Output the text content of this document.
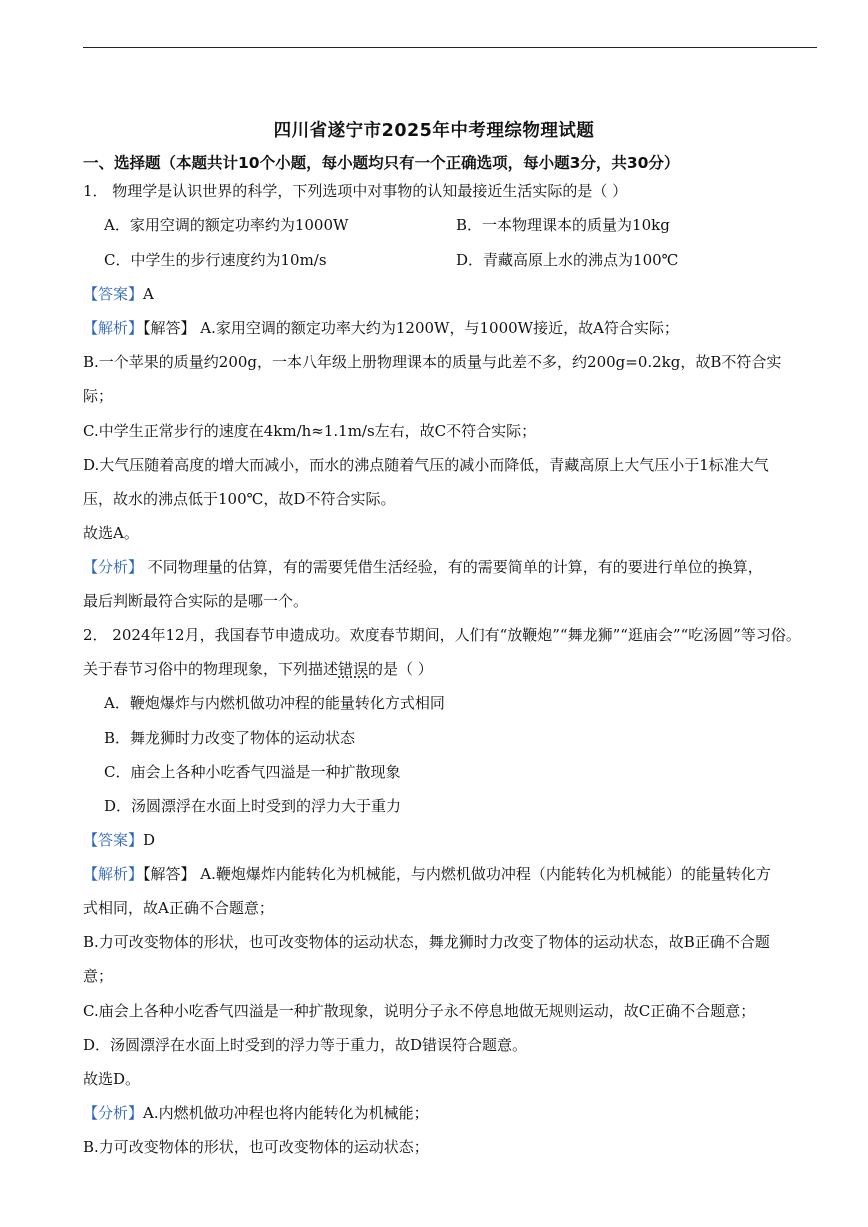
四川省遂宁市2025年中考理综物理试题
一、选择题（本题共计10个小题，每小题均只有一个正确选项，每小题3分，共30分）
1． 物理学是认识世界的科学，下列选项中对事物的认知最接近生活实际的是（ ）
A．家用空调的额定功率约为1000W	B．一本物理课本的质量为10kg
C．中学生的步行速度约为10m/s	D．青藏高原上水的沸点为100℃
【答案】A
【解析】【解答】 A.家用空调的额定功率大约为1200W，与1000W接近，故A符合实际；
B.一个苹果的质量约200g，一本八年级上册物理课本的质量与此差不多，约200g=0.2kg，故B不符合实
际；
C.中学生正常步行的速度在4km/h≈1.1m/s左右，故C不符合实际；
D.大气压随着高度的增大而减小，而水的沸点随着气压的减小而降低，青藏高原上大气压小于1标准大气
压，故水的沸点低于100℃，故D不符合实际。
故选A。
【分析】 不同物理量的估算，有的需要凭借生活经验，有的需要简单的计算，有的要进行单位的换算，
最后判断最符合实际的是哪一个。
2． 2024年12月，我国春节申遗成功。欢度春节期间，人们有“放鞭炮”“舞龙狮”“逛庙会”“吃汤圆”等习俗。
关于春节习俗中的物理现象，下列描述错误的是（ ）
A．鞭炮爆炸与内燃机做功冲程的能量转化方式相同
B．舞龙狮时力改变了物体的运动状态
C．庙会上各种小吃香气四溢是一种扩散现象
D．汤圆漂浮在水面上时受到的浮力大于重力
【答案】D
【解析】【解答】 A.鞭炮爆炸内能转化为机械能，与内燃机做功冲程（内能转化为机械能）的能量转化方
式相同，故A正确不合题意；
B.力可改变物体的形状，也可改变物体的运动状态，舞龙狮时力改变了物体的运动状态，故B正确不合题
意；
C.庙会上各种小吃香气四溢是一种扩散现象，说明分子永不停息地做无规则运动，故C正确不合题意；
D．汤圆漂浮在水面上时受到的浮力等于重力，故D错误符合题意。
故选D。
【分析】A.内燃机做功冲程也将内能转化为机械能；
B.力可改变物体的形状，也可改变物体的运动状态；
